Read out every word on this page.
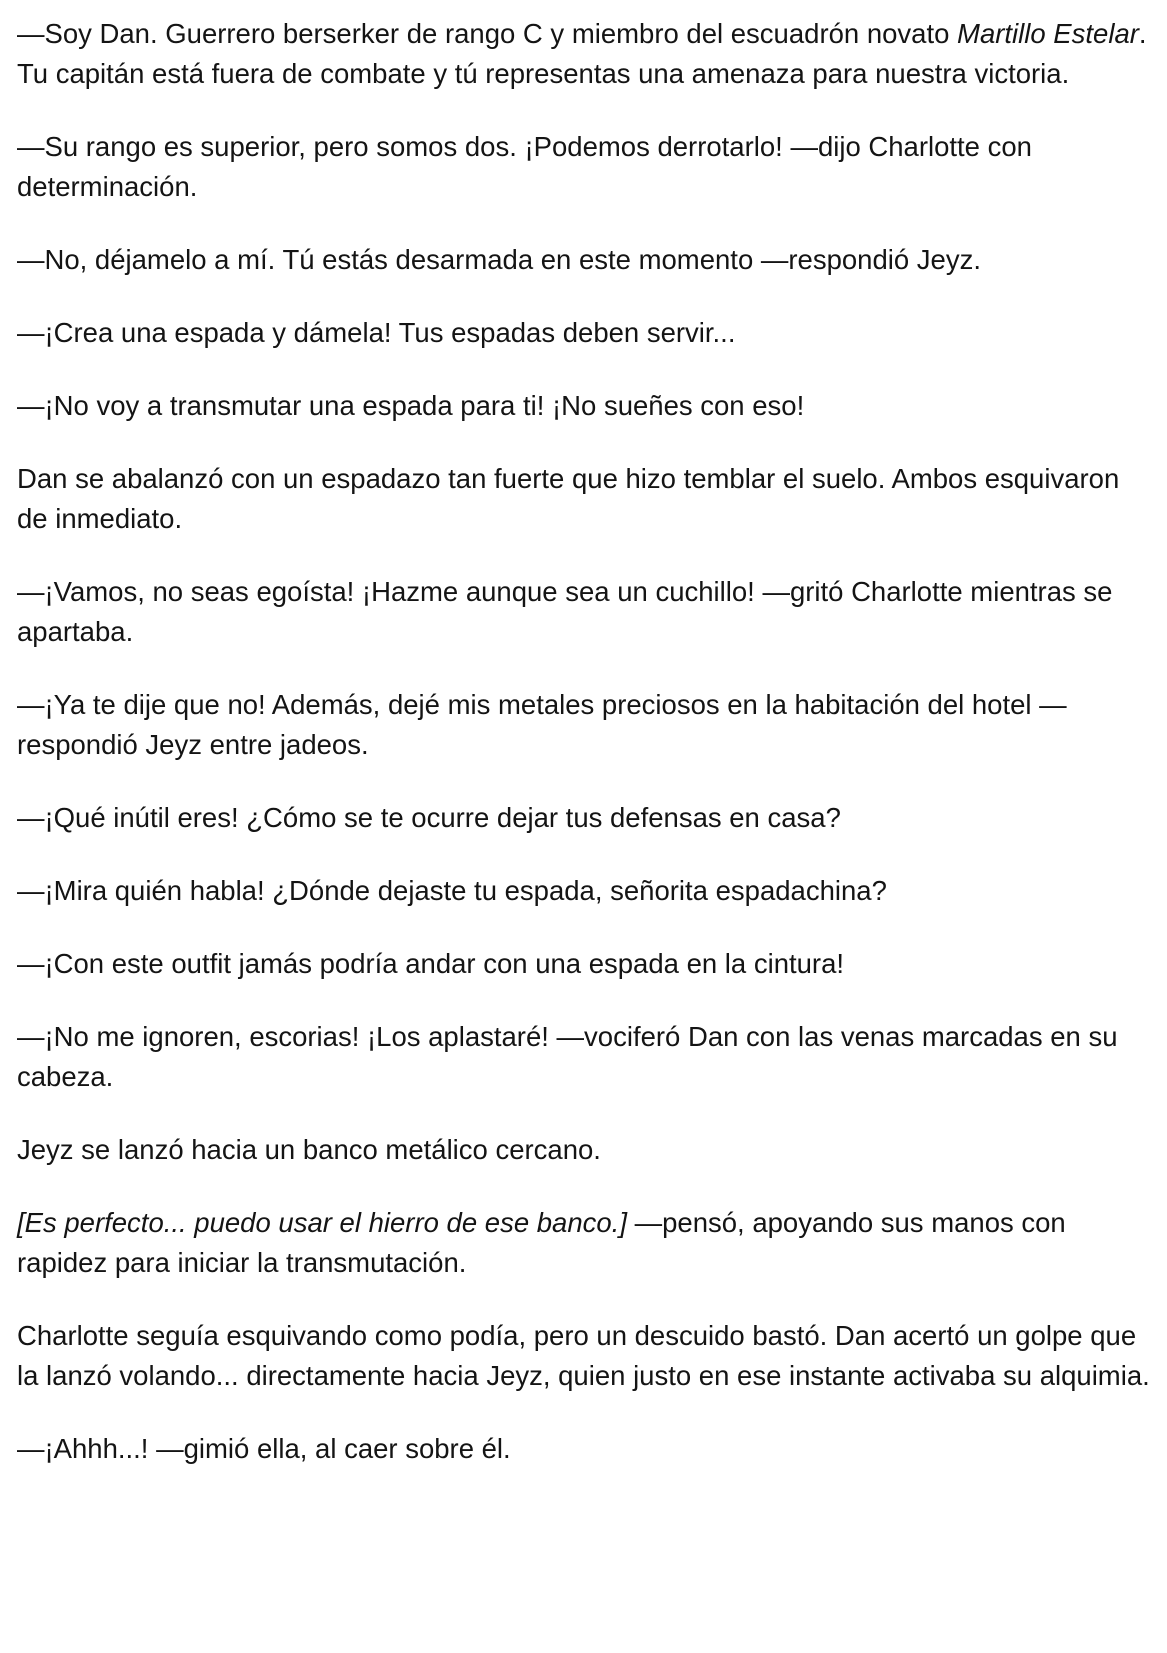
—Soy Dan. Guerrero berserker de rango C y miembro del escuadrón novato Martillo Estelar. Tu capitán está fuera de combate y tú representas una amenaza para nuestra victoria.

—Su rango es superior, pero somos dos. ¡Podemos derrotarlo! —dijo Charlotte con determinación.

—No, déjamelo a mí. Tú estás desarmada en este momento —respondió Jeyz.

—¡Crea una espada y dámela! Tus espadas deben servir...

—¡No voy a transmutar una espada para ti! ¡No sueñes con eso!

Dan se abalanzó con un espadazo tan fuerte que hizo temblar el suelo. Ambos esquivaron de inmediato.

—¡Vamos, no seas egoísta! ¡Hazme aunque sea un cuchillo! —gritó Charlotte mientras se apartaba.

—¡Ya te dije que no! Además, dejé mis metales preciosos en la habitación del hotel —respondió Jeyz entre jadeos.

—¡Qué inútil eres! ¿Cómo se te ocurre dejar tus defensas en casa?

—¡Mira quién habla! ¿Dónde dejaste tu espada, señorita espadachina?

—¡Con este outfit jamás podría andar con una espada en la cintura!

—¡No me ignoren, escorias! ¡Los aplastaré! —vociferó Dan con las venas marcadas en su cabeza.

Jeyz se lanzó hacia un banco metálico cercano.

[Es perfecto... puedo usar el hierro de ese banco.] —pensó, apoyando sus manos con rapidez para iniciar la transmutación.

Charlotte seguía esquivando como podía, pero un descuido bastó. Dan acertó un golpe que la lanzó volando... directamente hacia Jeyz, quien justo en ese instante activaba su alquimia.

—¡Ahhh...! —gimió ella, al caer sobre él.
